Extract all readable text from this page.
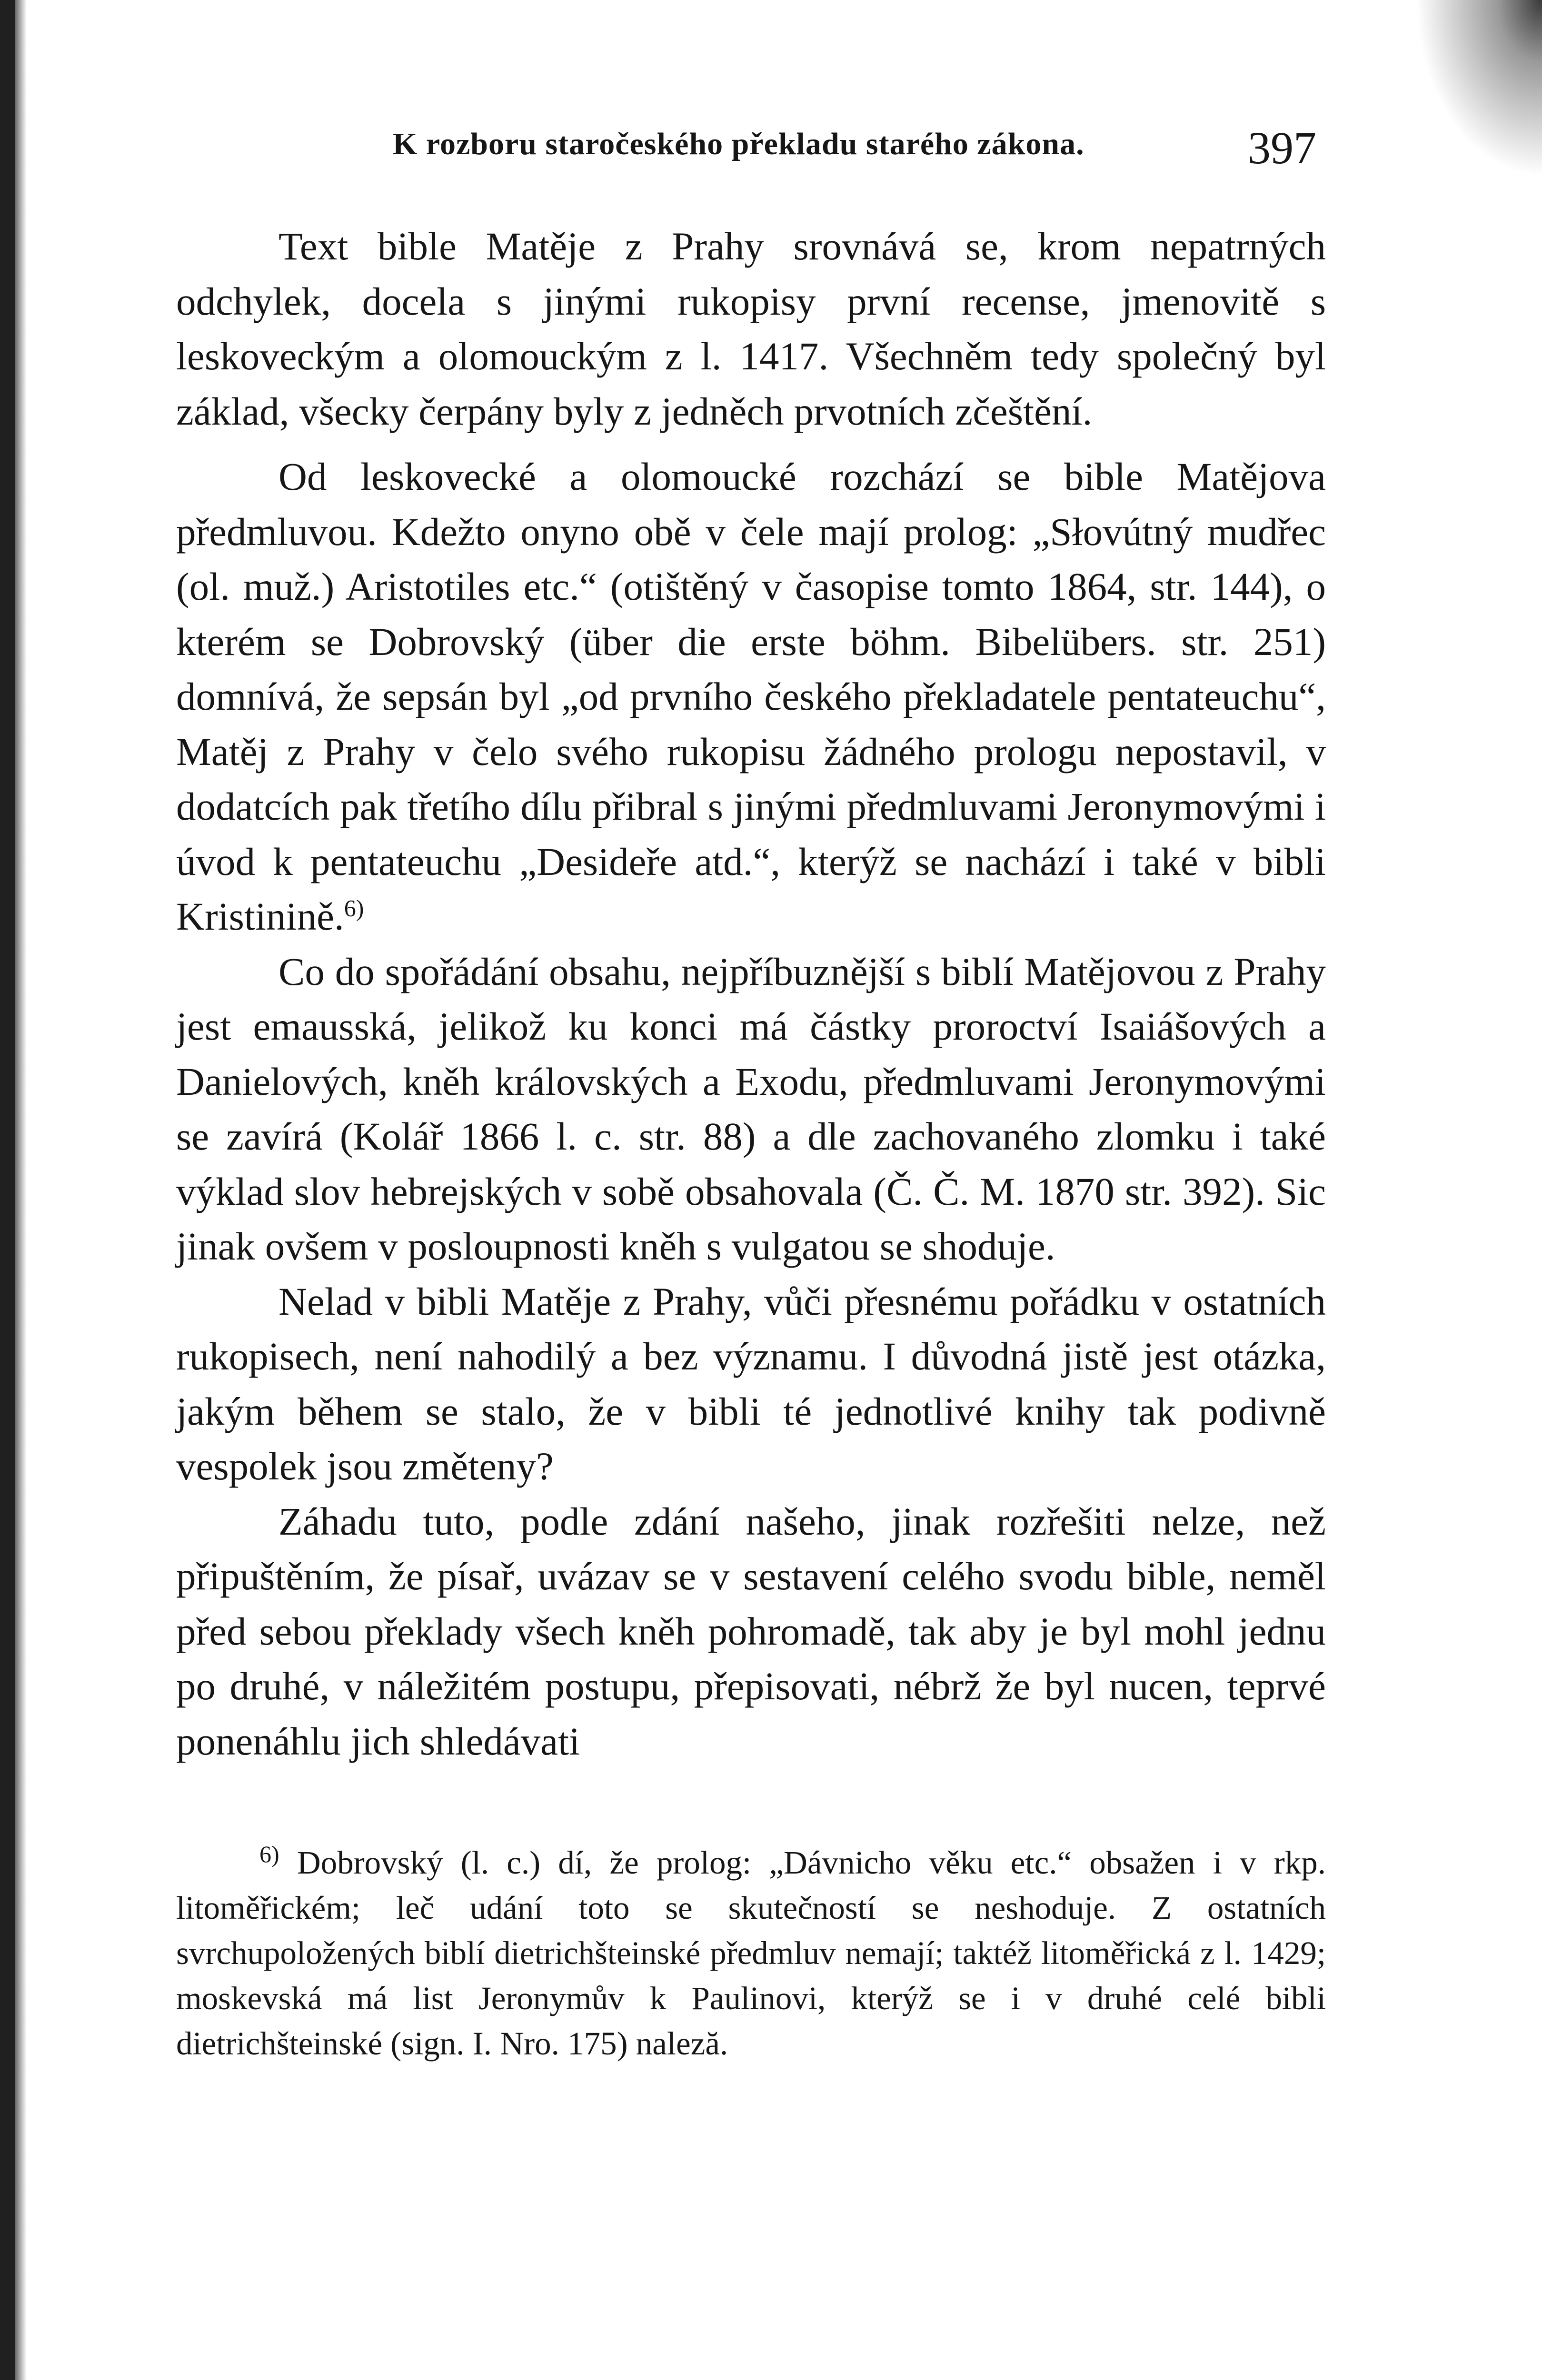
K rozboru staročeského překladu starého zákona.	397

Text bible Matěje z Prahy srovnává se, krom nepatrných odchylek, docela s jinými rukopisy první recense, jmenovitě s leskoveckým a olomouckým z l. 1417. Všechněm tedy společný byl základ, všecky čerpány byly z jedněch prvotních zčeštění.

Od leskovecké a olomoucké rozchází se bible Matějova předmluvou. Kdežto onyno obě v čele mají prolog: „Słovútný mudřec (ol. muž.) Aristotiles etc.“ (otištěný v časopise tomto 1864, str. 144), o kterém se Dobrovský (über die erste böhm. Bibelübers. str. 251) domnívá, že sepsán byl „od prvního českého překladatele pentateuchu“, Matěj z Prahy v čelo svého rukopisu žádného prologu nepostavil, v dodatcích pak třetího dílu přibral s jinými předmluvami Jeronymovými i úvod k pentateuchu „Desideře atd.“, kterýž se nachází i také v bibli Kristinině.$^{6)}$

Co do spořádání obsahu, nejpříbuznější s biblí Matějovou z Prahy jest emausská, jelikož ku konci má částky proroctví Isaiášových a Danielových, kněh královských a Exodu, předmluvami Jeronymovými se zavírá (Kolář 1866 l. c. str. 88) a dle zachovaného zlomku i také výklad slov hebrejských v sobě obsahovala (Č. Č. M. 1870 str. 392). Sic jinak ovšem v posloupnosti kněh s vulgatou se shoduje.

Nelad v bibli Matěje z Prahy, vůči přesnému pořádku v ostatních rukopisech, není nahodilý a bez významu. I důvodná jistě jest otázka, jakým během se stalo, že v bibli té jednotlivé knihy tak podivně vespolek jsou změteny?

Záhadu tuto, podle zdání našeho, jinak rozřešiti nelze, než připuštěním, že písař, uvázav se v sestavení celého svodu bible, neměl před sebou překlady všech kněh pohromadě, tak aby je byl mohl jednu po druhé, v náležitém postupu, přepisovati, nébrž že byl nucen, teprvé ponenáhlu jich shledávati

$^{6)}$ Dobrovský (l. c.) dí, že prolog: „Dávnicho věku etc.“ obsažen i v rkp. litoměřickém; leč udání toto se skutečností se neshoduje. Z ostatních svrchupoložených biblí dietrichšteinské předmluv nemají; taktéž litoměřická z l. 1429; moskevská má list Jeronymův k Paulinovi, kterýž se i v druhé celé bibli dietrichšteinské (sign. I. Nro. 175) naleză.
